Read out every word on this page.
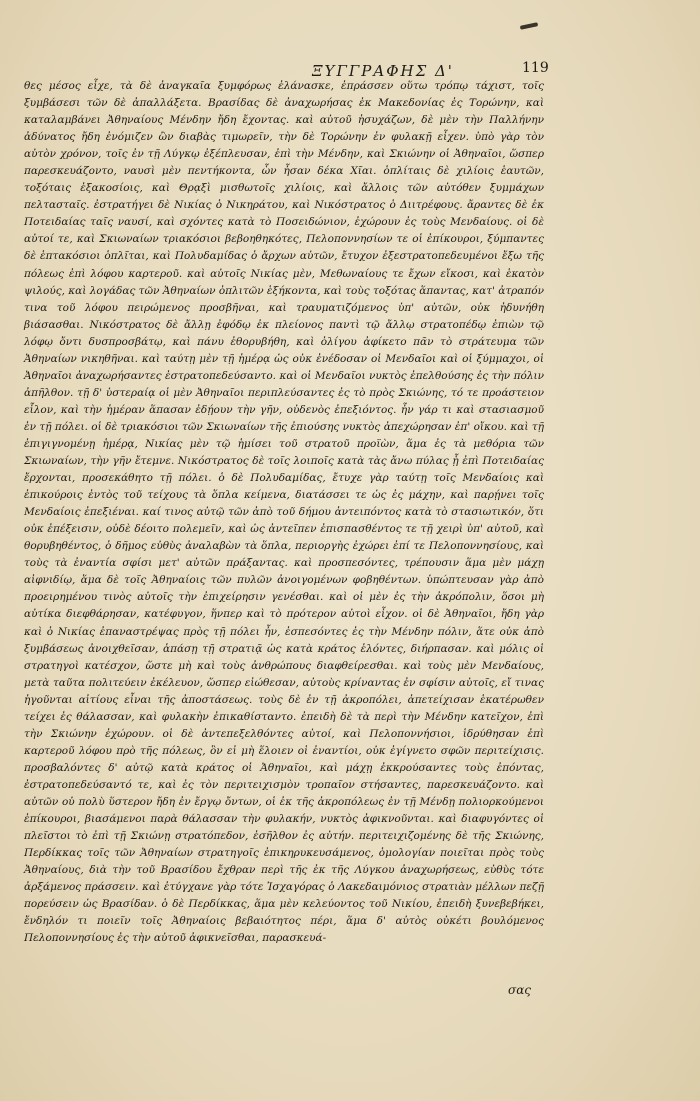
ΞΥΓΓΡΑΦΗΣ Δ'	119

θες μέσος εἶχε, τὰ δὲ ἀναγκαῖα ξυμφόρως ἐλάνασκε, ἐπράσσεν οὕτω τρόπῳ τάχιστ, τοῖς ξυμβάσεσι τῶν δὲ ἀπαλλάξετα. Βρασίδας δὲ ἀναχωρήσας ἐκ Μακεδονίας ἐς Τορώνην, καὶ καταλαμβάνει Ἀθηναίους Μένδην ἤδη ἔχοντας. καὶ αὐτοῦ ἡσυχάζων, δὲ μὲν τὴν Παλλήνην ἀδύνατος ἤδη ἐνόμιζεν ὢν διαβὰς τιμωρεῖν, τὴν δὲ Τορώνην ἐν φυλακῇ εἶχεν. ὑπὸ γὰρ τὸν αὐτὸν χρόνον, τοῖς ἐν τῇ Λύγκῳ ἐξέπλευσαν, ἐπὶ τὴν Μένδην, καὶ Σκιώνην οἱ Ἀθηναῖοι, ὥσπερ παρεσκευάζοντο, ναυσὶ μὲν πεντήκοντα, ὧν ἦσαν δέκα Χῖαι. ὁπλίταις δὲ χιλίοις ἑαυτῶν, τοξόταις ἑξακοσίοις, καὶ Θρᾳξὶ μισθωτοῖς χιλίοις, καὶ ἄλλοις τῶν αὐτόθεν ξυμμάχων πελτασταῖς. ἐστρατήγει δὲ Νικίας ὁ Νικηράτου, καὶ Νικόστρατος ὁ Διιτρέφους. ἄραντες δὲ ἐκ Ποτειδαίας ταῖς ναυσί, καὶ σχόντες κατὰ τὸ Ποσειδώνιον, ἐχώρουν ἐς τοὺς Μενδαίους. οἱ δὲ αὐτοί τε, καὶ Σκιωναίων τριακόσιοι βεβοηθηκότες, Πελοποννησίων τε οἱ ἐπίκουροι, ξύμπαντες δὲ ἑπτακόσιοι ὁπλῖται, καὶ Πολυδαμίδας ὁ ἄρχων αὐτῶν, ἔτυχον ἐξεστρατοπεδευμένοι ἔξω τῆς πόλεως ἐπὶ λόφου καρτεροῦ. καὶ αὐτοῖς Νικίας μὲν, Μεθωναίους τε ἔχων εἴκοσι, καὶ ἑκατὸν ψιλούς, καὶ λογάδας τῶν Ἀθηναίων ὁπλιτῶν ἑξήκοντα, καὶ τοὺς τοξότας ἅπαντας, κατ' ἀτραπόν τινα τοῦ λόφου πειρώμενος προσβῆναι, καὶ τραυματιζόμενος ὑπ' αὐτῶν, οὐκ ἠδυνήθη βιάσασθαι. Νικόστρατος δὲ ἄλλῃ ἐφόδῳ ἐκ πλείονος παντὶ τῷ ἄλλῳ στρατοπέδῳ ἐπιὼν τῷ λόφῳ ὄντι δυσπροσβάτῳ, καὶ πάνυ ἐθορυβήθη, καὶ ὀλίγου ἀφίκετο πᾶν τὸ στράτευμα τῶν Ἀθηναίων νικηθῆναι. καὶ ταύτῃ μὲν τῇ ἡμέρᾳ ὡς οὐκ ἐνέδοσαν οἱ Μενδαῖοι καὶ οἱ ξύμμαχοι, οἱ Ἀθηναῖοι ἀναχωρήσαντες ἐστρατοπεδεύσαντο. καὶ οἱ Μενδαῖοι νυκτὸς ἐπελθούσης ἐς τὴν πόλιν ἀπῆλθον. τῇ δ' ὑστεραίᾳ οἱ μὲν Ἀθηναῖοι περιπλεύσαντες ἐς τὸ πρὸς Σκιώνης, τό τε προάστειον εἷλον, καὶ τὴν ἡμέραν ἅπασαν ἐδῄουν τὴν γῆν, οὐδενὸς ἐπεξιόντος. ἦν γάρ τι καὶ στασιασμοῦ ἐν τῇ πόλει. οἱ δὲ τριακόσιοι τῶν Σκιωναίων τῆς ἐπιούσης νυκτὸς ἀπεχώρησαν ἐπ' οἴκου. καὶ τῇ ἐπιγιγνομένῃ ἡμέρᾳ, Νικίας μὲν τῷ ἡμίσει τοῦ στρατοῦ προϊὼν, ἅμα ἐς τὰ μεθόρια τῶν Σκιωναίων, τὴν γῆν ἔτεμνε. Νικόστρατος δὲ τοῖς λοιποῖς κατὰ τὰς ἄνω πύλας ᾗ ἐπὶ Ποτειδαίας ἔρχονται, προσεκάθητο τῇ πόλει. ὁ δὲ Πολυδαμίδας, ἔτυχε γὰρ ταύτῃ τοῖς Μενδαίοις καὶ ἐπικούροις ἐντὸς τοῦ τείχους τὰ ὅπλα κείμενα, διατάσσει τε ὡς ἐς μάχην, καὶ παρῄνει τοῖς Μενδαίοις ἐπεξιέναι. καί τινος αὐτῷ τῶν ἀπὸ τοῦ δήμου ἀντειπόντος κατὰ τὸ στασιωτικόν, ὅτι οὐκ ἐπέξεισιν, οὐδὲ δέοιτο πολεμεῖν, καὶ ὡς ἀντεῖπεν ἐπισπασθέντος τε τῇ χειρὶ ὑπ' αὐτοῦ, καὶ θορυβηθέντος, ὁ δῆμος εὐθὺς ἀναλαβὼν τὰ ὅπλα, περιοργὴς ἐχώρει ἐπί τε Πελοποννησίους, καὶ τοὺς τὰ ἐναντία σφίσι μετ' αὐτῶν πράξαντας. καὶ προσπεσόντες, τρέπουσιν ἅμα μὲν μάχῃ αἰφνιδίῳ, ἅμα δὲ τοῖς Ἀθηναίοις τῶν πυλῶν ἀνοιγομένων φοβηθέντων. ὑπώπτευσαν γὰρ ἀπὸ προειρημένου τινὸς αὐτοῖς τὴν ἐπιχείρησιν γενέσθαι. καὶ οἱ μὲν ἐς τὴν ἀκρόπολιν, ὅσοι μὴ αὐτίκα διεφθάρησαν, κατέφυγον, ἥνπερ καὶ τὸ πρότερον αὐτοὶ εἶχον. οἱ δὲ Ἀθηναῖοι, ἤδη γὰρ καὶ ὁ Νικίας ἐπαναστρέψας πρὸς τῇ πόλει ἦν, ἐσπεσόντες ἐς τὴν Μένδην πόλιν, ἅτε οὐκ ἀπὸ ξυμβάσεως ἀνοιχθεῖσαν, ἁπάσῃ τῇ στρατιᾷ ὡς κατὰ κράτος ἑλόντες, διήρπασαν. καὶ μόλις οἱ στρατηγοὶ κατέσχον, ὥστε μὴ καὶ τοὺς ἀνθρώπους διαφθείρεσθαι. καὶ τοὺς μὲν Μενδαίους, μετὰ ταῦτα πολιτεύειν ἐκέλευον, ὥσπερ εἰώθεσαν, αὐτοὺς κρίναντας ἐν σφίσιν αὐτοῖς, εἴ τινας ἡγοῦνται αἰτίους εἶναι τῆς ἀποστάσεως. τοὺς δὲ ἐν τῇ ἀκροπόλει, ἀπετείχισαν ἑκατέρωθεν τείχει ἐς θάλασσαν, καὶ φυλακὴν ἐπικαθίσταντο. ἐπειδὴ δὲ τὰ περὶ τὴν Μένδην κατεῖχον, ἐπὶ τὴν Σκιώνην ἐχώρουν. οἱ δὲ ἀντεπεξελθόντες αὐτοί, καὶ Πελοποννήσιοι, ἱδρύθησαν ἐπὶ καρτεροῦ λόφου πρὸ τῆς πόλεως, ὃν εἰ μὴ ἕλοιεν οἱ ἐναντίοι, οὐκ ἐγίγνετο σφῶν περιτείχισις. προσβαλόντες δ' αὐτῷ κατὰ κράτος οἱ Ἀθηναῖοι, καὶ μάχῃ ἐκκρούσαντες τοὺς ἐπόντας, ἐστρατοπεδεύσαντό τε, καὶ ἐς τὸν περιτειχισμὸν τροπαῖον στήσαντες, παρεσκευάζοντο. καὶ αὐτῶν οὐ πολὺ ὕστερον ἤδη ἐν ἔργῳ ὄντων, οἱ ἐκ τῆς ἀκροπόλεως ἐν τῇ Μένδῃ πολιορκούμενοι ἐπίκουροι, βιασάμενοι παρὰ θάλασσαν τὴν φυλακήν, νυκτὸς ἀφικνοῦνται. καὶ διαφυγόντες οἱ πλεῖστοι τὸ ἐπὶ τῇ Σκιώνῃ στρατόπεδον, ἐσῆλθον ἐς αὐτήν. περιτειχιζομένης δὲ τῆς Σκιώνης, Περδίκκας τοῖς τῶν Ἀθηναίων στρατηγοῖς ἐπικηρυκευσάμενος, ὁμολογίαν ποιεῖται πρὸς τοὺς Ἀθηναίους, διὰ τὴν τοῦ Βρασίδου ἔχθραν περὶ τῆς ἐκ τῆς Λύγκου ἀναχωρήσεως, εὐθὺς τότε ἀρξάμενος πράσσειν. καὶ ἐτύγχανε γὰρ τότε Ἰσχαγόρας ὁ Λακεδαιμόνιος στρατιὰν μέλλων πεζῇ πορεύσειν ὡς Βρασίδαν. ὁ δὲ Περδίκκας, ἅμα μὲν κελεύοντος τοῦ Νικίου, ἐπειδὴ ξυνεβεβήκει, ἔνδηλόν τι ποιεῖν τοῖς Ἀθηναίοις βεβαιότητος πέρι, ἅμα δ' αὐτὸς οὐκέτι βουλόμενος Πελοποννησίους ἐς τὴν αὐτοῦ ἀφικνεῖσθαι, παρασκευά-

σας
